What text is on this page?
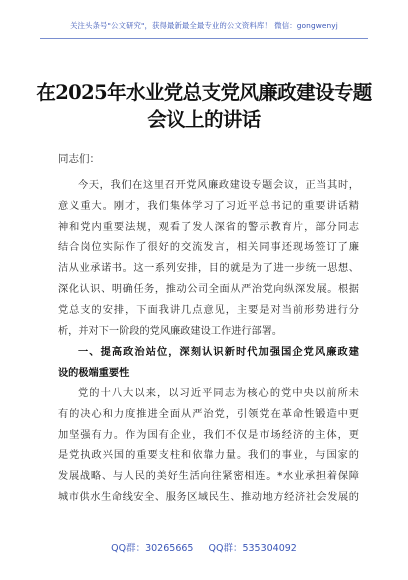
关注头条号"公文研究"，获得最新最全最专业的公文资料库！ 微信：gongwenyj
在2025年水业党总支党风廉政建设专题
会议上的讲话
同志们：
今天，我们在这里召开党风廉政建设专题会议，正当其时，
意义重大。刚才，我们集体学习了习近平总书记的重要讲话精
神和党内重要法规，观看了发人深省的警示教育片，部分同志
结合岗位实际作了很好的交流发言，相关同事还现场签订了廉
洁从业承诺书。这一系列安排，目的就是为了进一步统一思想、
深化认识、明确任务，推动公司全面从严治党向纵深发展。根据
党总支的安排，下面我讲几点意见，主要是对当前形势进行分
析，并对下一阶段的党风廉政建设工作进行部署。
一、提高政治站位，深刻认识新时代加强国企党风廉政建
设的极端重要性
党的十八大以来，以习近平同志为核心的党中央以前所未
有的决心和力度推进全面从严治党，引领党在革命性锻造中更
加坚强有力。作为国有企业，我们不仅是市场经济的主体，更
是党执政兴国的重要支柱和依靠力量。我们的事业，与国家的
发展战略、与人民的美好生活向往紧密相连。*水业承担着保障
城市供水生命线安全、服务区域民生、推动地方经济社会发展的
QQ群：30265665 QQ群：535304092
